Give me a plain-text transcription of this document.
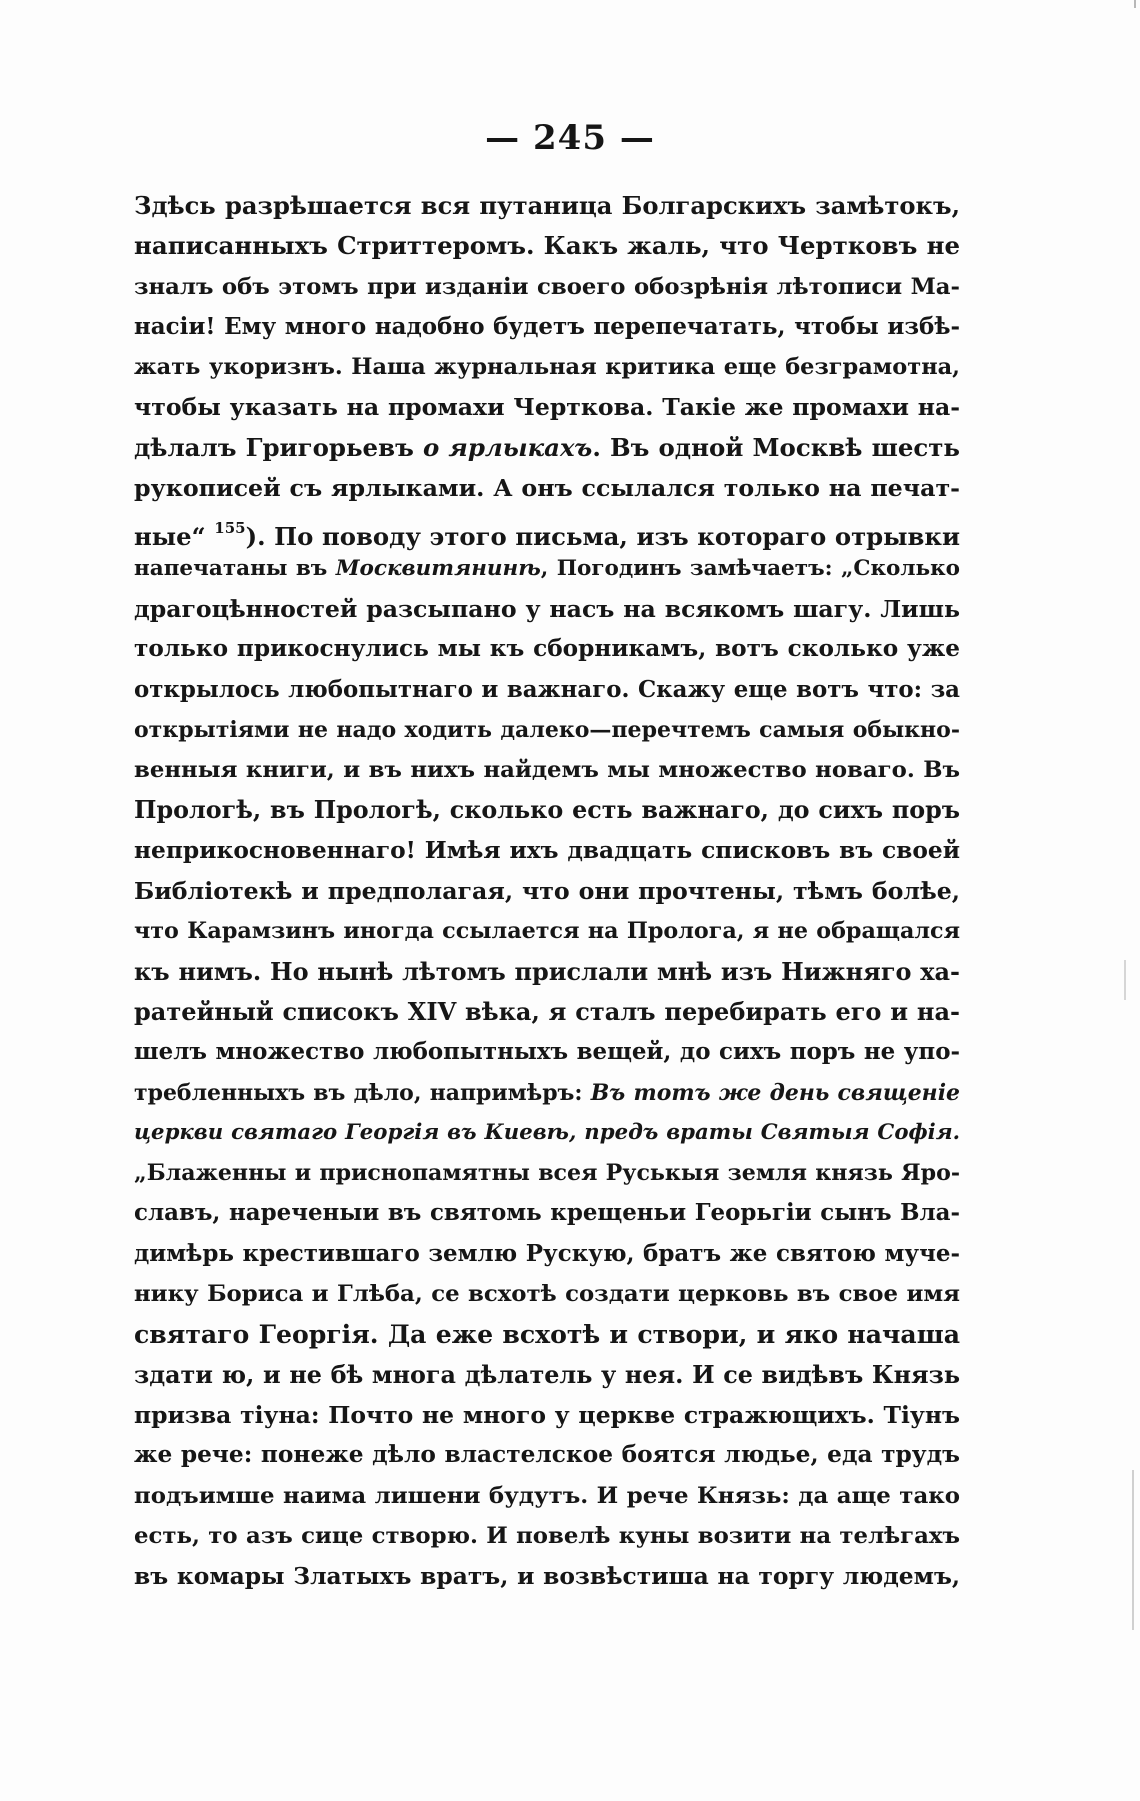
— 245 —
Здѣсь разрѣшается вся путаница Болгарскихъ замѣтокъ,
написанныхъ Стриттеромъ. Какъ жаль, что Чертковъ не
зналъ объ этомъ при изданіи своего обозрѣнія лѣтописи Ма-
насіи! Ему много надобно будетъ перепечатать, чтобы избѣ-
жать укоризнъ. Наша журнальная критика еще безграмотна,
чтобы указать на промахи Черткова. Такіе же промахи на-
дѣлалъ Григорьевъ о ярлыкахъ. Въ одной Москвѣ шесть
рукописей съ ярлыками. А онъ ссылался только на печат-
ные“ $^{155}$). По поводу этого письма, изъ которагo отрывки
напечатаны въ Москвитянинѣ, Погодинъ замѣчаетъ: „Сколько
драгоцѣнностей разсыпано у насъ на всякомъ шагу. Лишь
только прикоснулись мы къ сборникамъ, вотъ сколько уже
открылось любопытнаго и важнаго. Скажу еще вотъ что: за
открытіями не надо ходить далеко—перечтемъ самыя обыкно-
венныя книги, и въ нихъ найдемъ мы множество новаго. Въ
Прологѣ, въ Прологѣ, сколько есть важнаго, до сихъ поръ
неприкосновеннаго! Имѣя ихъ двадцать списковъ въ своей
Библіотекѣ и предполагая, что они прочтены, тѣмъ болѣе,
что Карамзинъ иногда ссылается на Пролога, я не обращался
къ нимъ. Но нынѣ лѣтомъ прислали мнѣ изъ Нижняго ха-
ратейный списокъ XIV вѣка, я сталъ перебирать его и на-
шелъ множество любопытныхъ вещей, до сихъ поръ не упо-
требленныхъ въ дѣло, напримѣръ: Въ тотъ же день священіе
церкви святаго Георгія въ Киевѣ, предъ враты Святыя Софія.
„Блаженны и приснопамятны всея Руськыя земля князь Яро-
славъ, нареченыи въ святомь крещеньи Георьгіи сынъ Вла-
димѣрь крестившаго землю Рускую, братъ же святою муче-
нику Бориса и Глѣба, се всхотѣ создати церковь въ свое имя
святаго Георгія. Да еже всхотѣ и створи, и яко начаша
здати ю, и не бѣ многа дѣлатель у нея. И се видѣвъ Князь
призва тіуна: Почто не много у церкве стражющихъ. Тіунъ
же рече: понеже дѣло властелское боятся людье, еда трудъ
подъимше наима лишени будутъ. И рече Князь: да аще тако
есть, то азъ сице створю. И повелѣ куны возити на телѣгахъ
въ комары Златыхъ вратъ, и возвѣстиша на торгу людемъ,
